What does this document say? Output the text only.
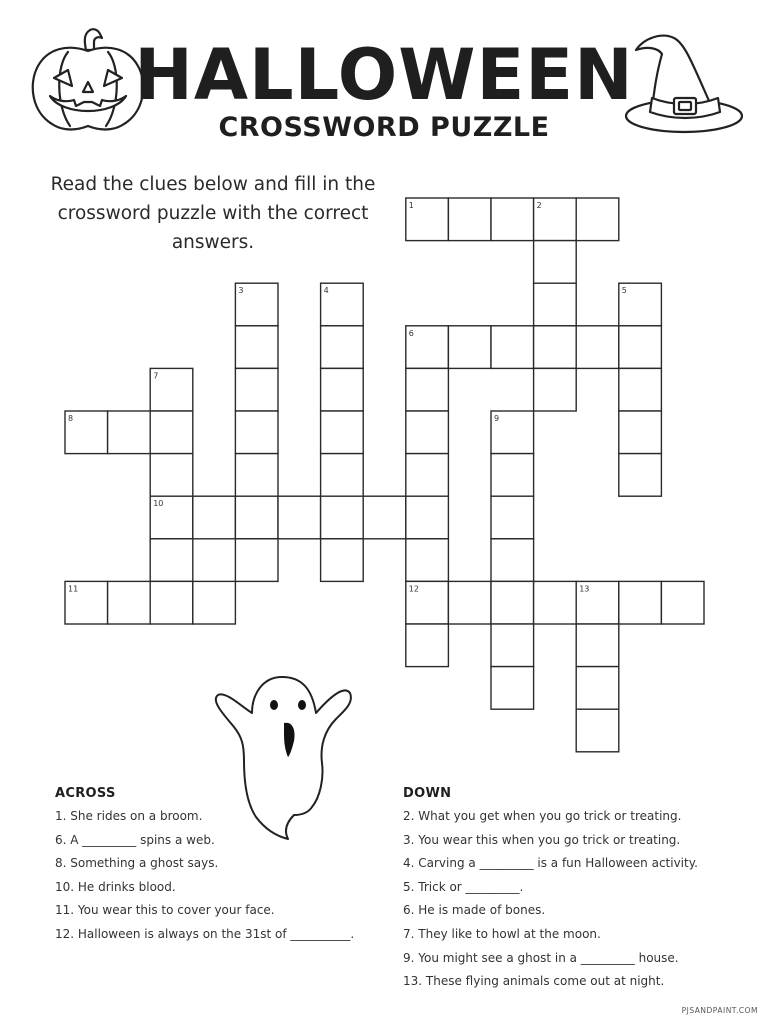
HALLOWEEN
CROSSWORD PUZZLE
Read the clues below and fill in the crossword puzzle with the correct answers.
1	2
3	4	5
6
7
8	9
10
11	12	13
ACROSS
1. She rides on a broom.
6. A _________ spins a web.
8. Something a ghost says.
10. He drinks blood.
11. You wear this to cover your face.
12. Halloween is always on the 31st of __________.
DOWN
2. What you get when you go trick or treating.
3. You wear this when you go trick or treating.
4. Carving a _________ is a fun Halloween activity.
5. Trick or _________.
6. He is made of bones.
7. They like to howl at the moon.
9. You might see a ghost in a _________ house.
13. These flying animals come out at night.
PJSANDPAINT.COM
